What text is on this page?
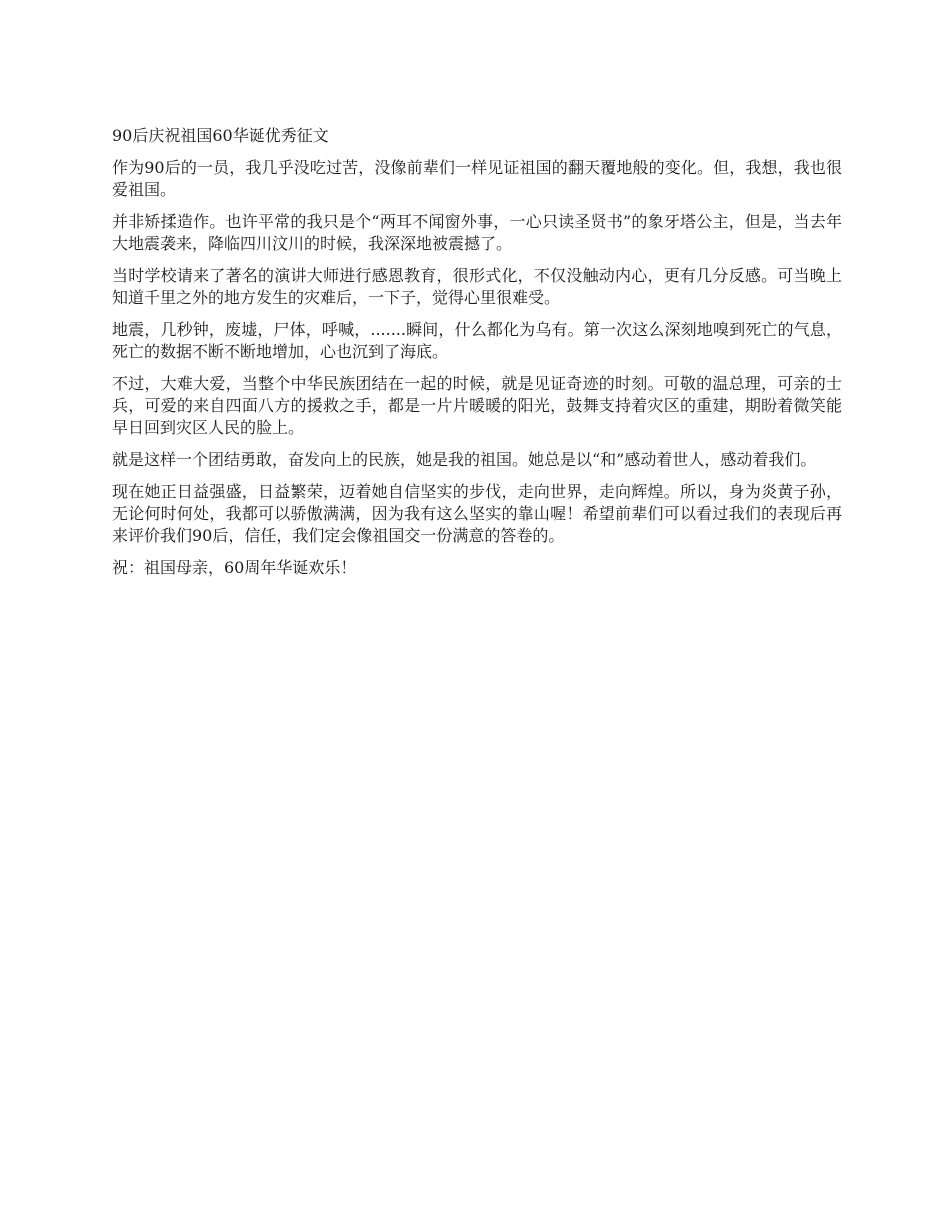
90后庆祝祖国60华诞优秀征文

作为90后的一员，我几乎没吃过苦，没像前辈们一样见证祖国的翻天覆地般的变化。但，我想，我也很爱祖国。

并非矫揉造作。也许平常的我只是个“两耳不闻窗外事，一心只读圣贤书”的象牙塔公主，但是，当去年大地震袭来，降临四川汶川的时候，我深深地被震撼了。

当时学校请来了著名的演讲大师进行感恩教育，很形式化，不仅没触动内心，更有几分反感。可当晚上知道千里之外的地方发生的灾难后，一下子，觉得心里很难受。

地震，几秒钟，废墟，尸体，呼喊，.......瞬间，什么都化为乌有。第一次这么深刻地嗅到死亡的气息，死亡的数据不断不断地增加，心也沉到了海底。

不过，大难大爱，当整个中华民族团结在一起的时候，就是见证奇迹的时刻。可敬的温总理，可亲的士兵，可爱的来自四面八方的援救之手，都是一片片暖暖的阳光，鼓舞支持着灾区的重建，期盼着微笑能早日回到灾区人民的脸上。

就是这样一个团结勇敢，奋发向上的民族，她是我的祖国。她总是以“和”感动着世人，感动着我们。

现在她正日益强盛，日益繁荣，迈着她自信坚实的步伐，走向世界，走向辉煌。所以，身为炎黄子孙，无论何时何处，我都可以骄傲满满，因为我有这么坚实的靠山喔！希望前辈们可以看过我们的表现后再来评价我们90后，信任，我们定会像祖国交一份满意的答卷的。

祝：祖国母亲，60周年华诞欢乐！
